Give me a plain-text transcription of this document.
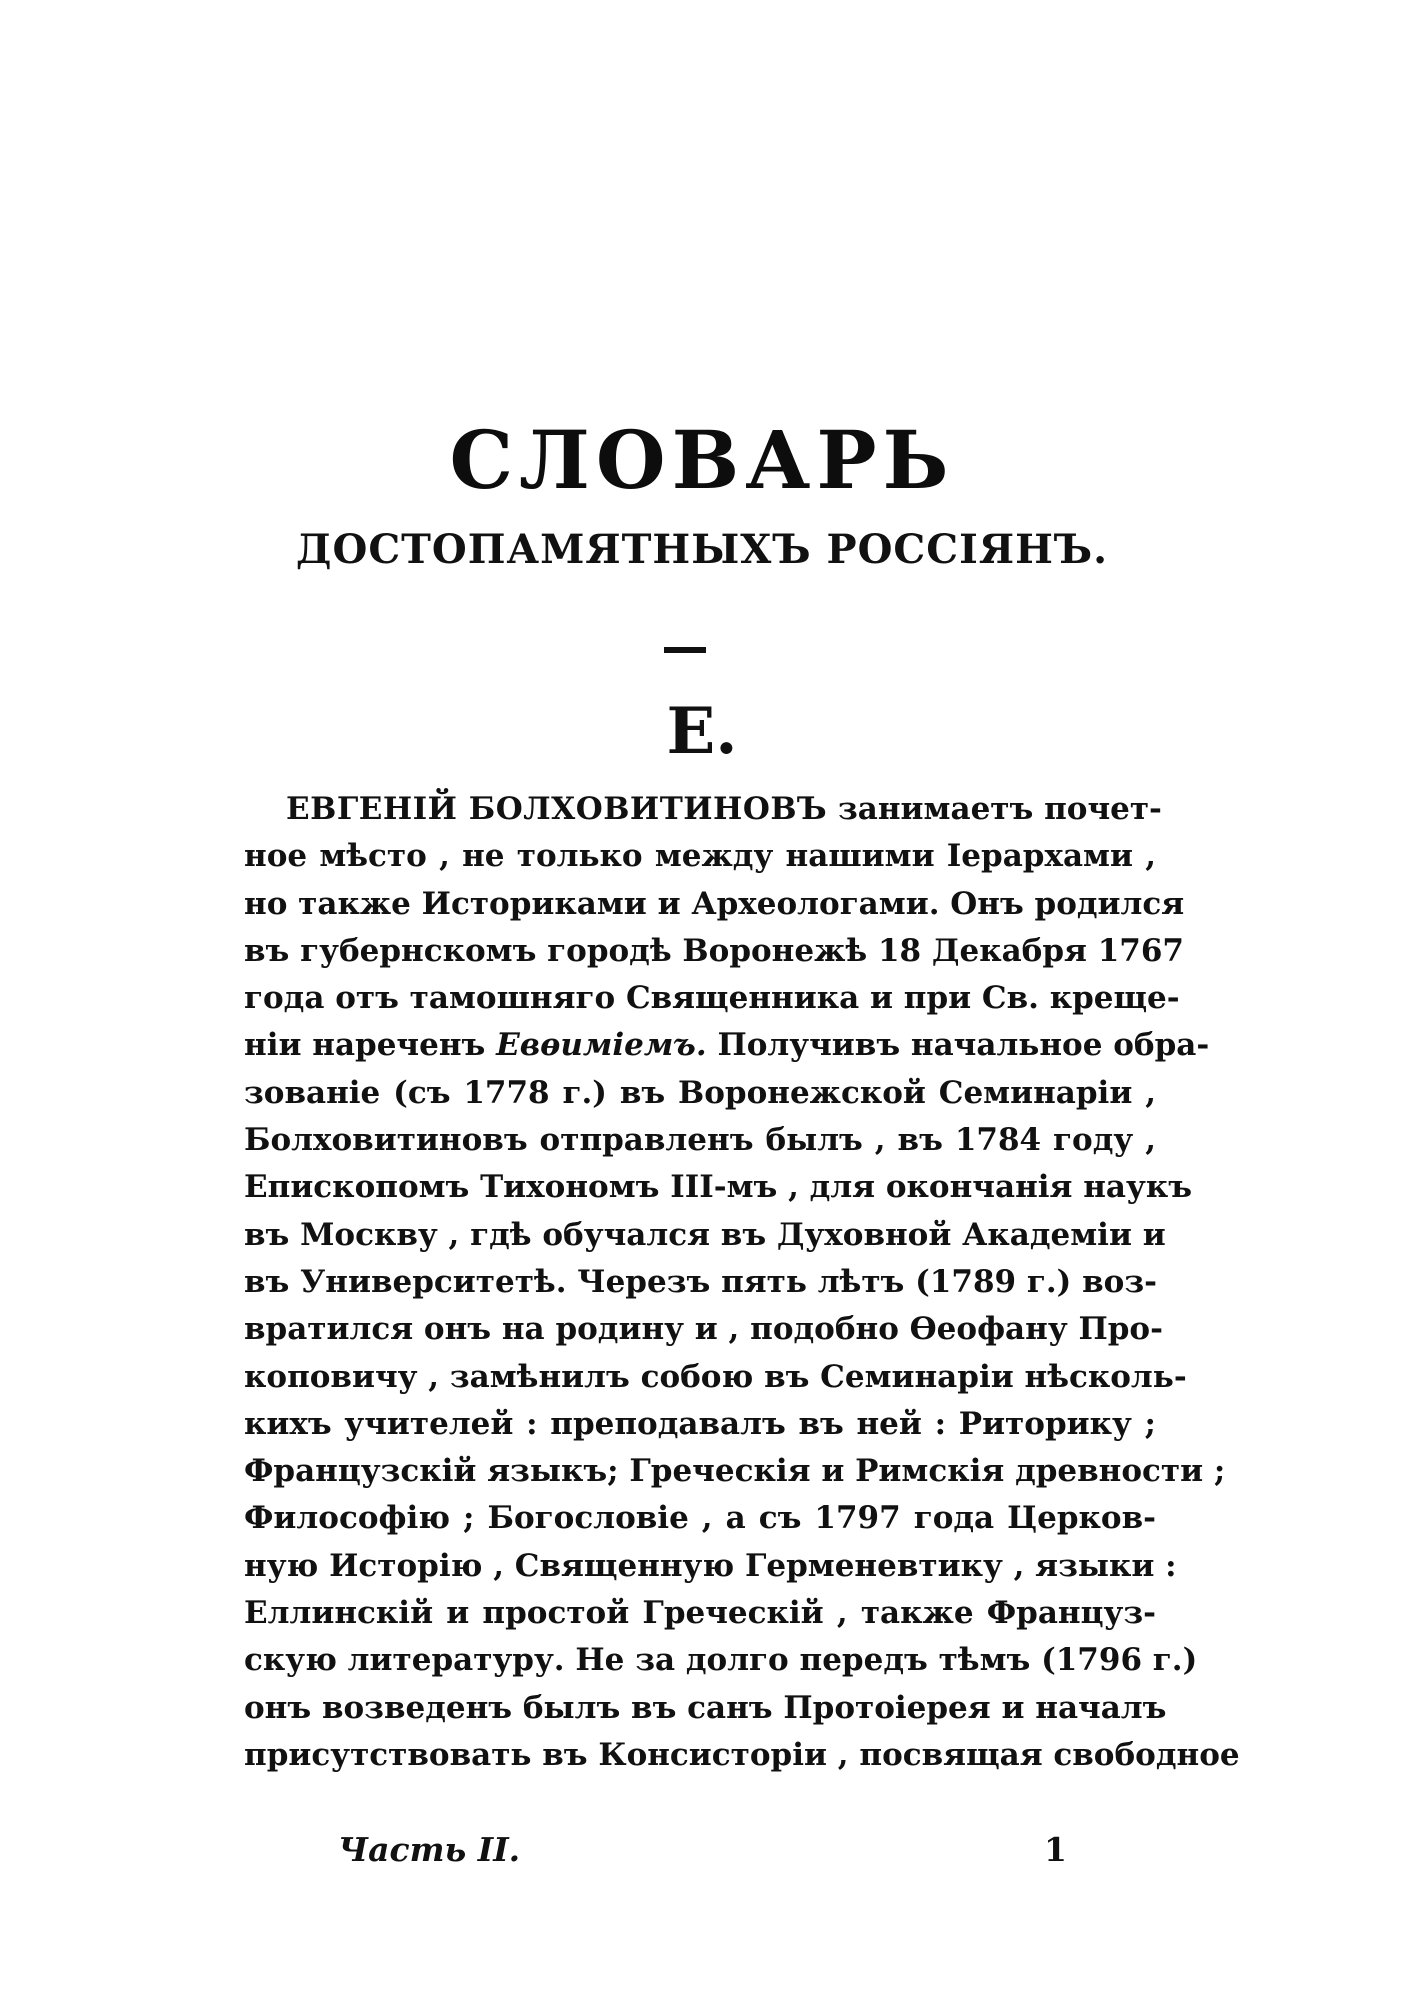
СЛОВАРЬ
ДОСТОПАМЯТНЫХЪ РОССІЯНЪ.
Е.
ЕВГЕНІЙ БОЛХОВИТИНОВЪ занимаетъ почет-
ное мѣсто , не только между нашими Іерархами ,
но также Историками и Археологами. Онъ родился
въ губернскомъ городѣ Воронежѣ 18 Декабря 1767
года отъ тамошняго Священника и при Св. креще-
ніи нареченъ Евѳиміемъ. Получивъ начальное обра-
зованіе (съ 1778 г.) въ Воронежской Семинаріи ,
Болховитиновъ отправленъ былъ , въ 1784 году ,
Епископомъ Тихономъ III-мъ , для окончанія наукъ
въ Москву , гдѣ обучался въ Духовной Академіи и
въ Университетѣ. Черезъ пять лѣтъ (1789 г.) воз-
вратился онъ на родину и , подобно Ѳеофану Про-
коповичу , замѣнилъ собою въ Семинаріи нѣсколь-
кихъ учителей : преподавалъ въ ней : Риторику ;
Французскій языкъ; Греческія и Римскія древности ;
Философію ; Богословіе , а съ 1797 года Церков-
ную Исторію , Священную Герменевтику , языки :
Еллинскій и простой Греческій , также Француз-
скую литературу. Не за долго передъ тѣмъ (1796 г.)
онъ возведенъ былъ въ санъ Протоіерея и началъ
присутствовать въ Консисторіи , посвящая свободное
Часть II.	1
